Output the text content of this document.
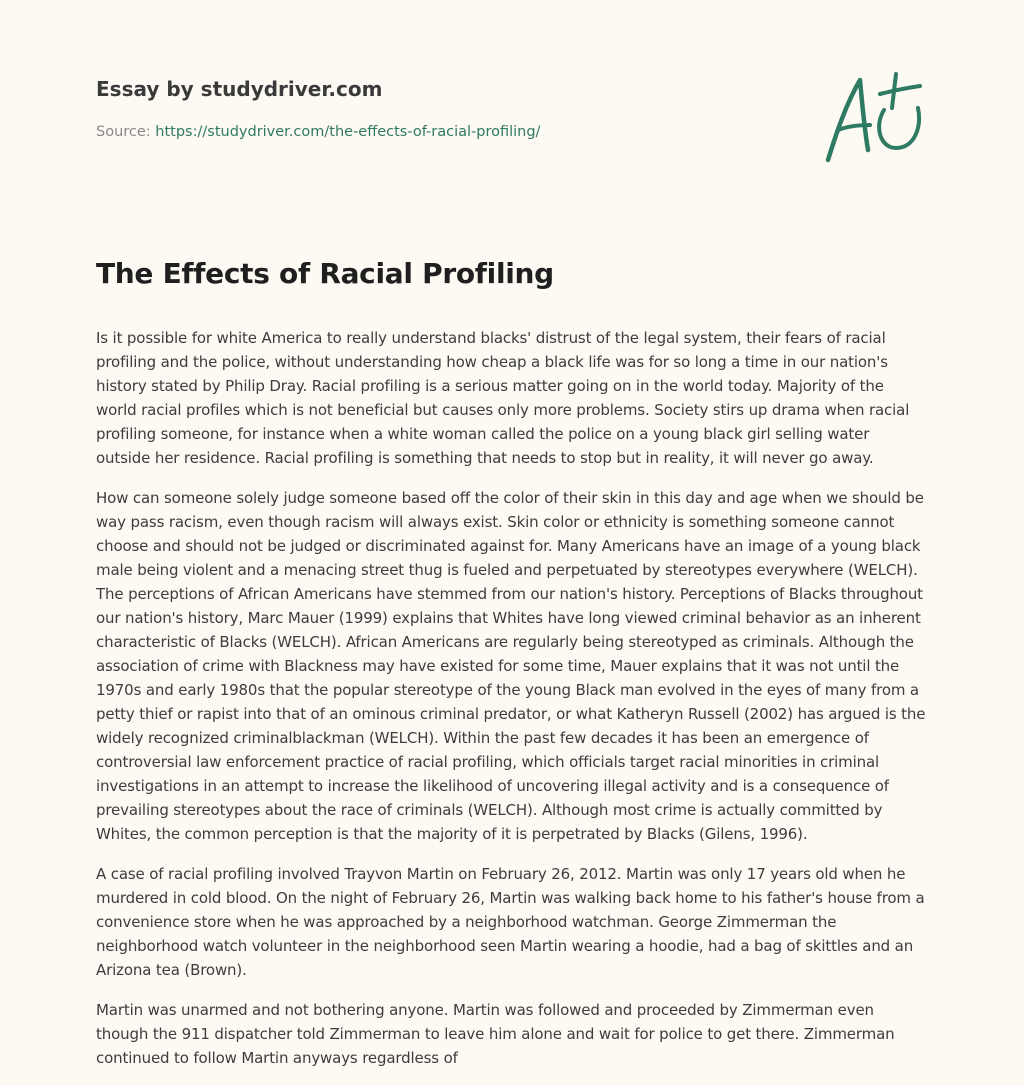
Essay by studydriver.com
Source: https://studydriver.com/the-effects-of-racial-profiling/
The Effects of Racial Profiling

Is it possible for white America to really understand blacks' distrust of the legal system, their fears of racial profiling and the police, without understanding how cheap a black life was for so long a time in our nation's history stated by Philip Dray. Racial profiling is a serious matter going on in the world today. Majority of the world racial profiles which is not beneficial but causes only more problems. Society stirs up drama when racial profiling someone, for instance when a white woman called the police on a young black girl selling water outside her residence. Racial profiling is something that needs to stop but in reality, it will never go away.

How can someone solely judge someone based off the color of their skin in this day and age when we should be way pass racism, even though racism will always exist. Skin color or ethnicity is something someone cannot choose and should not be judged or discriminated against for. Many Americans have an image of a young black male being violent and a menacing street thug is fueled and perpetuated by stereotypes everywhere (WELCH). The perceptions of African Americans have stemmed from our nation's history. Perceptions of Blacks throughout our nation's history, Marc Mauer (1999) explains that Whites have long viewed criminal behavior as an inherent characteristic of Blacks (WELCH). African Americans are regularly being stereotyped as criminals. Although the association of crime with Blackness may have existed for some time, Mauer explains that it was not until the 1970s and early 1980s that the popular stereotype of the young Black man evolved in the eyes of many from a petty thief or rapist into that of an ominous criminal predator, or what Katheryn Russell (2002) has argued is the widely recognized criminalblackman (WELCH). Within the past few decades it has been an emergence of controversial law enforcement practice of racial profiling, which officials target racial minorities in criminal investigations in an attempt to increase the likelihood of uncovering illegal activity and is a consequence of prevailing stereotypes about the race of criminals (WELCH). Although most crime is actually committed by Whites, the common perception is that the majority of it is perpetrated by Blacks (Gilens, 1996).

A case of racial profiling involved Trayvon Martin on February 26, 2012. Martin was only 17 years old when he murdered in cold blood. On the night of February 26, Martin was walking back home to his father's house from a convenience store when he was approached by a neighborhood watchman. George Zimmerman the neighborhood watch volunteer in the neighborhood seen Martin wearing a hoodie, had a bag of skittles and an Arizona tea (Brown).

Martin was unarmed and not bothering anyone. Martin was followed and proceeded by Zimmerman even though the 911 dispatcher told Zimmerman to leave him alone and wait for police to get there. Zimmerman continued to follow Martin anyways regardless of
